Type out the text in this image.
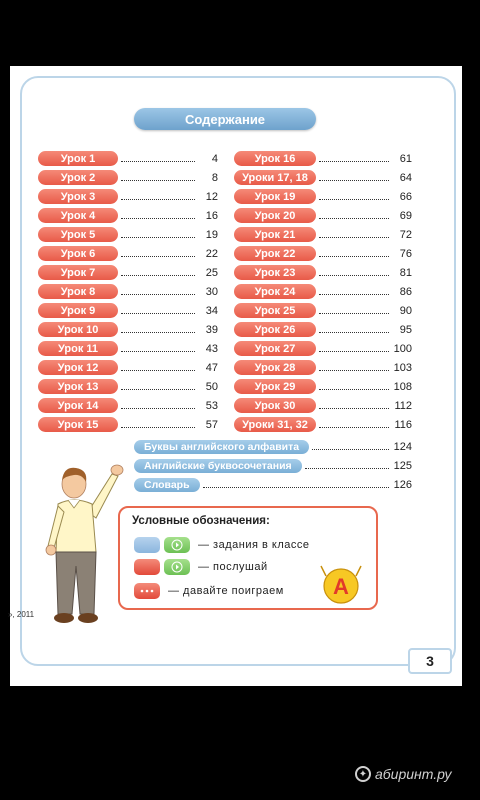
», 2011
Содержание
Урок 1	4
Урок 2	8
Урок 3	12
Урок 4	16
Урок 5	19
Урок 6	22
Урок 7	25
Урок 8	30
Урок 9	34
Урок 10	39
Урок 11	43
Урок 12	47
Урок 13	50
Урок 14	53
Урок 15	57
Урок 16	61
Уроки 17, 18	64
Урок 19	66
Урок 20	69
Урок 21	72
Урок 22	76
Урок 23	81
Урок 24	86
Урок 25	90
Урок 26	95
Урок 27	100
Урок 28	103
Урок 29	108
Урок 30	112
Уроки 31, 32	116
Буквы английского алфавита	124
Английские буквосочетания	125
Словарь	126
Условные обозначения:
— задания в классе
— послушай
— давайте поиграем A
3
✦ абиринт.ру
